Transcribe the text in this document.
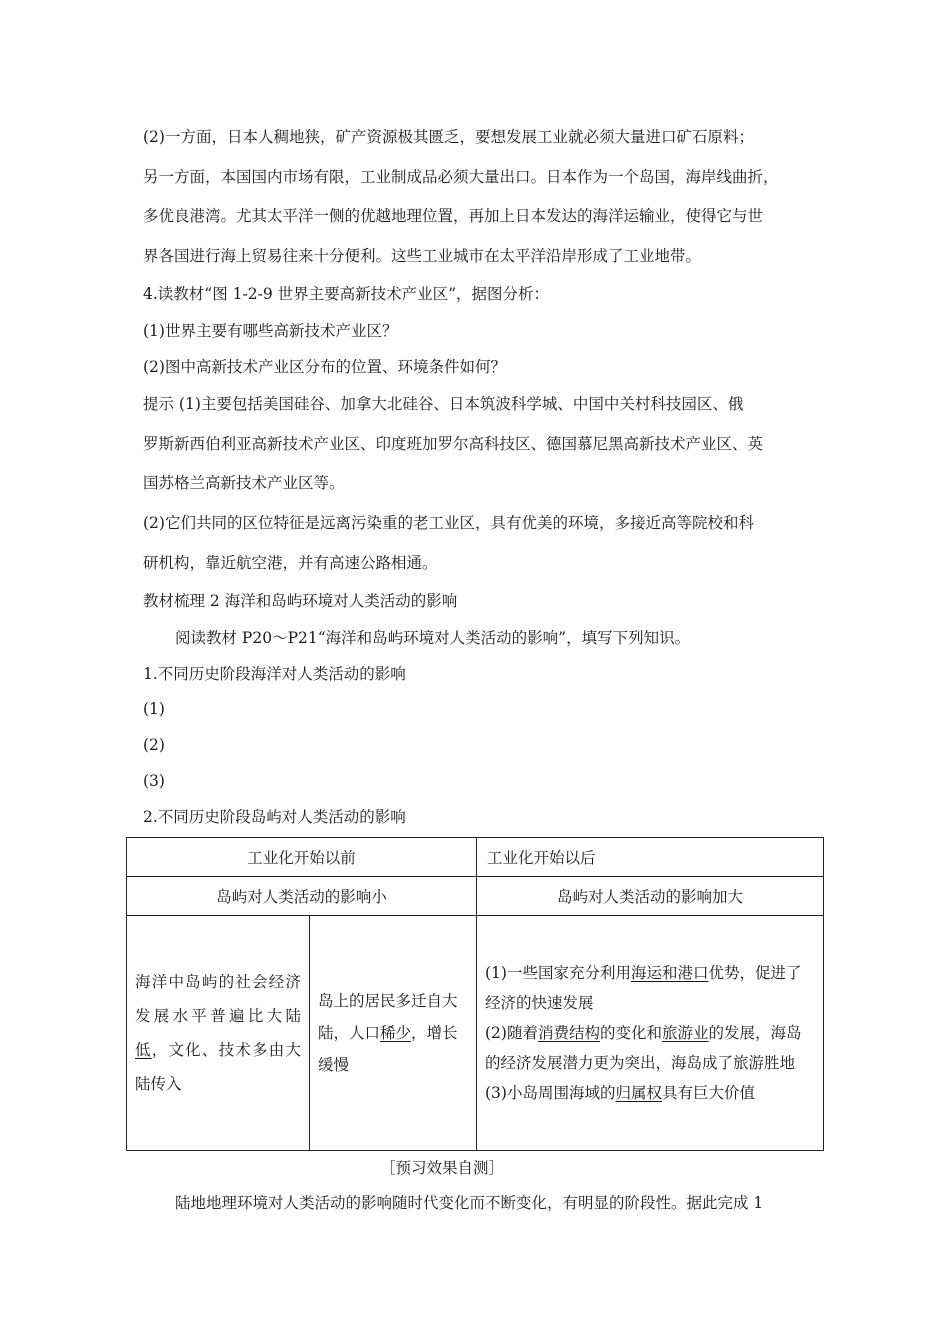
(2)一方面，日本人稠地狭，矿产资源极其匮乏，要想发展工业就必须大量进口矿石原料；
另一方面，本国国内市场有限，工业制成品必须大量出口。日本作为一个岛国，海岸线曲折，
多优良港湾。尤其太平洋一侧的优越地理位置，再加上日本发达的海洋运输业，使得它与世
界各国进行海上贸易往来十分便利。这些工业城市在太平洋沿岸形成了工业地带。
4.读教材“图 1-2-9 世界主要高新技术产业区”，据图分析：
(1)世界主要有哪些高新技术产业区？
(2)图中高新技术产业区分布的位置、环境条件如何？
提示 (1)主要包括美国硅谷、加拿大北硅谷、日本筑波科学城、中国中关村科技园区、俄
罗斯新西伯利亚高新技术产业区、印度班加罗尔高科技区、德国慕尼黑高新技术产业区、英
国苏格兰高新技术产业区等。
(2)它们共同的区位特征是远离污染重的老工业区，具有优美的环境，多接近高等院校和科
研机构，靠近航空港，并有高速公路相通。
教材梳理 2 海洋和岛屿环境对人类活动的影响
阅读教材 P20～P21“海洋和岛屿环境对人类活动的影响”，填写下列知识。
1.不同历史阶段海洋对人类活动的影响
(1)
(2)
(3)
2.不同历史阶段岛屿对人类活动的影响
工业化开始以前		工业化开始以后
岛屿对人类活动的影响小		岛屿对人类活动的影响加大
海洋中岛屿的社会经济发展水平普遍比大陆低，文化、技术多由大陆传入	岛上的居民多迁自大陆，人口稀少，增长缓慢	(1)一些国家充分利用海运和港口优势，促进了经济的快速发展
(2)随着消费结构的变化和旅游业的发展，海岛的经济发展潜力更为突出，海岛成了旅游胜地
(3)小岛周围海域的归属权具有巨大价值
［预习效果自测］
陆地地理环境对人类活动的影响随时代变化而不断变化，有明显的阶段性。据此完成 1
